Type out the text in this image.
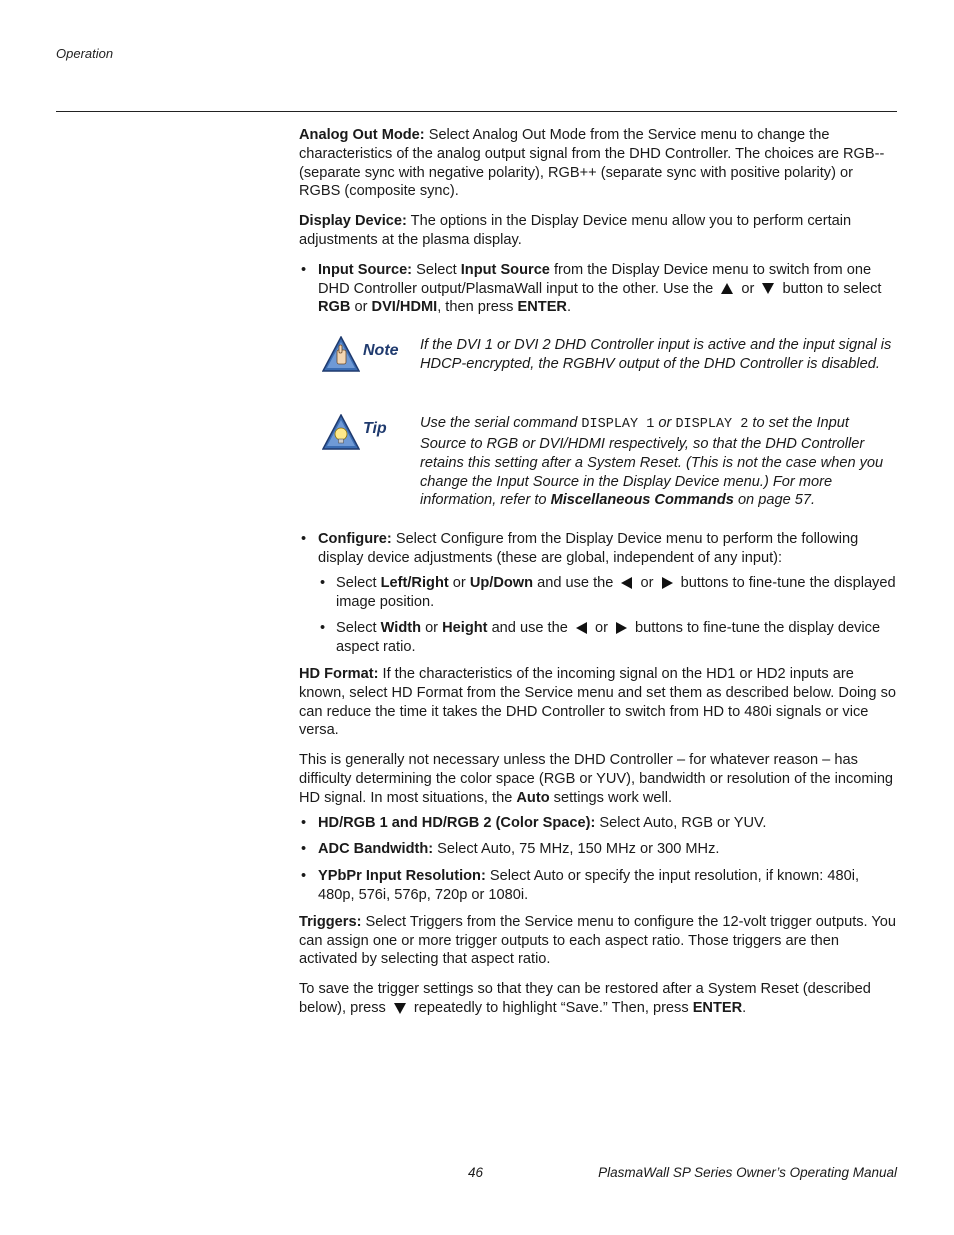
Operation

Analog Out Mode: Select Analog Out Mode from the Service menu to change the characteristics of the analog output signal from the DHD Controller. The choices are RGB-- (separate sync with negative polarity), RGB++ (separate sync with positive polarity) or RGBS (composite sync).

Display Device: The options in the Display Device menu allow you to perform certain adjustments at the plasma display.

• Input Source: Select Input Source from the Display Device menu to switch from one DHD Controller output/PlasmaWall input to the other. Use the  or  button to select RGB or DVI/HDMI, then press ENTER.
Note If the DVI 1 or DVI 2 DHD Controller input is active and the input signal is HDCP-encrypted, the RGBHV output of the DHD Controller is disabled.
Tip Use the serial command DISPLAY 1 or DISPLAY 2 to set the Input Source to RGB or DVI/HDMI respectively, so that the DHD Controller retains this setting after a System Reset. (This is not the case when you change the Input Source in the Display Device menu.) For more information, refer to Miscellaneous Commands on page 57.
• Configure: Select Configure from the Display Device menu to perform the following display device adjustments (these are global, independent of any input):
• Select Left/Right or Up/Down and use the  or  buttons to fine-tune the displayed image position.
• Select Width or Height and use the  or  buttons to fine-tune the display device aspect ratio.

HD Format: If the characteristics of the incoming signal on the HD1 or HD2 inputs are known, select HD Format from the Service menu and set them as described below. Doing so can reduce the time it takes the DHD Controller to switch from HD to 480i signals or vice versa.

This is generally not necessary unless the DHD Controller – for whatever reason – has difficulty determining the color space (RGB or YUV), bandwidth or resolution of the incoming HD signal. In most situations, the Auto settings work well.

• HD/RGB 1 and HD/RGB 2 (Color Space): Select Auto, RGB or YUV.
• ADC Bandwidth: Select Auto, 75 MHz, 150 MHz or 300 MHz.
• YPbPr Input Resolution: Select Auto or specify the input resolution, if known: 480i, 480p, 576i, 576p, 720p or 1080i.

Triggers: Select Triggers from the Service menu to configure the 12-volt trigger outputs. You can assign one or more trigger outputs to each aspect ratio. Those triggers are then activated by selecting that aspect ratio.

To save the trigger settings so that they can be restored after a System Reset (described below), press  repeatedly to highlight “Save.” Then, press ENTER.

46	PlasmaWall SP Series Owner’s Operating Manual
